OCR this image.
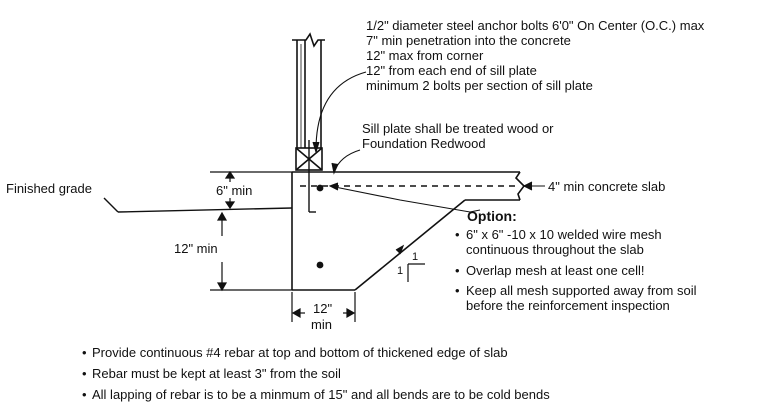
1/2" diameter steel anchor bolts 6'0" On Center (O.C.) max
7" min penetration into the concrete
12" max from corner
12" from each end of sill plate
minimum 2 bolts per section of sill plate
Sill plate shall be treated wood or
Foundation Redwood
Finished grade	6" min
12" min
12"
min
4" min concrete slab
1
1
Option:
• 6" x 6" -10 x 10 welded wire mesh
continuous throughout the slab
• Overlap mesh at least one cell!
• Keep all mesh supported away from soil
before the reinforcement inspection
• Provide continuous #4 rebar at top and bottom of thickened edge of slab
• Rebar must be kept at least 3" from the soil
• All lapping of rebar is to be a minmum of 15" and all bends are to be cold bends
